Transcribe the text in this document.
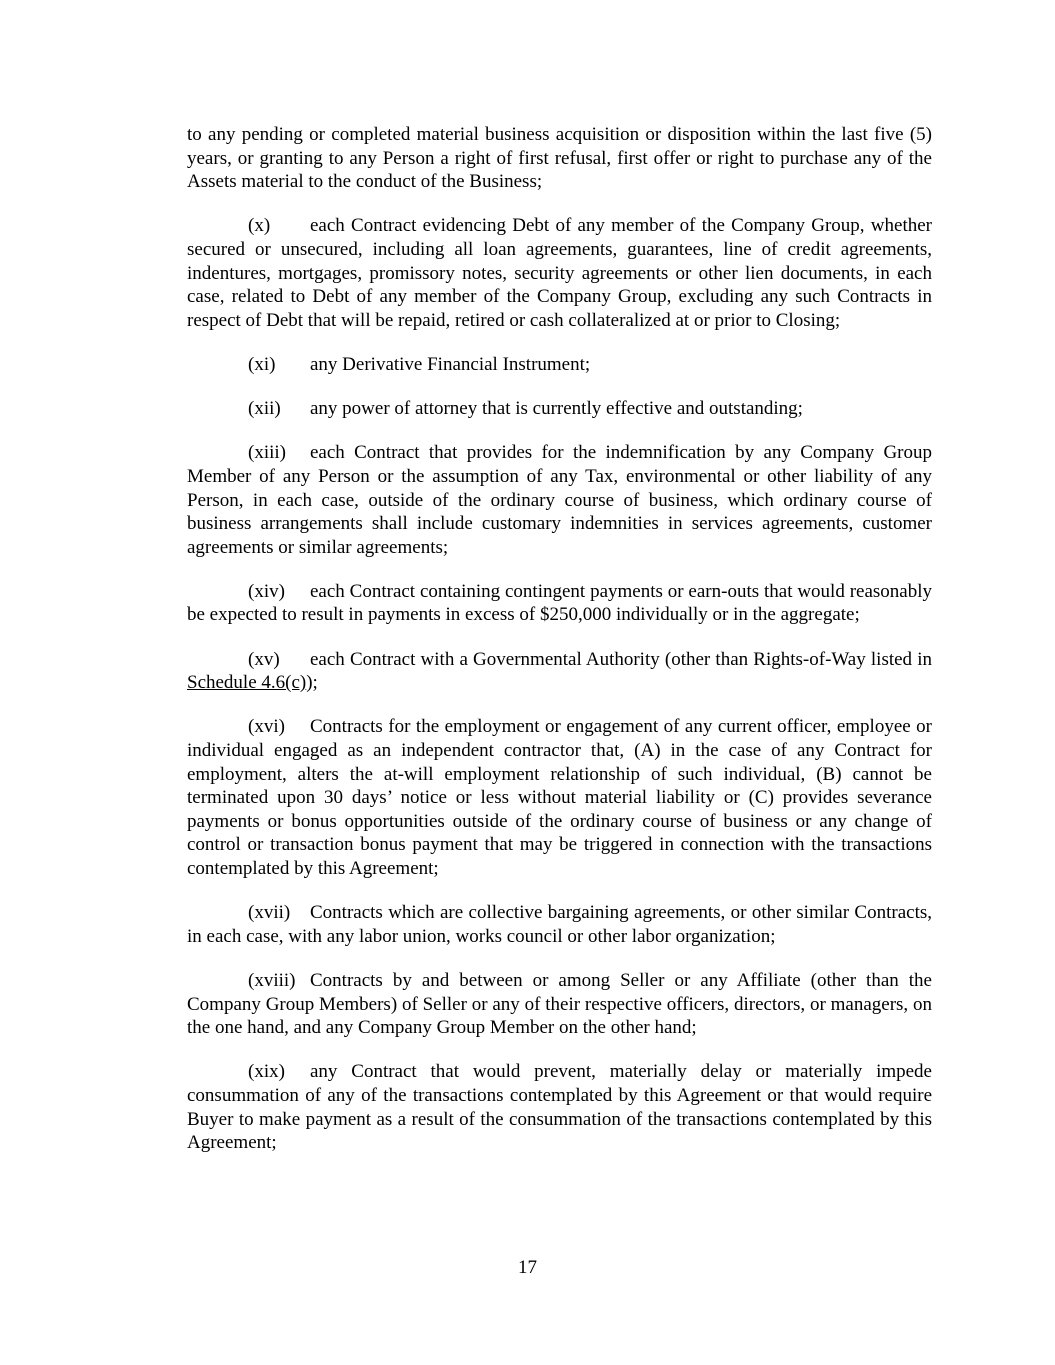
to any pending or completed material business acquisition or disposition within the last five (5) years, or granting to any Person a right of first refusal, first offer or right to purchase any of the Assets material to the conduct of the Business;

(x) each Contract evidencing Debt of any member of the Company Group, whether secured or unsecured, including all loan agreements, guarantees, line of credit agreements, indentures, mortgages, promissory notes, security agreements or other lien documents, in each case, related to Debt of any member of the Company Group, excluding any such Contracts in respect of Debt that will be repaid, retired or cash collateralized at or prior to Closing;

(xi) any Derivative Financial Instrument;

(xii) any power of attorney that is currently effective and outstanding;

(xiii) each Contract that provides for the indemnification by any Company Group Member of any Person or the assumption of any Tax, environmental or other liability of any Person, in each case, outside of the ordinary course of business, which ordinary course of business arrangements shall include customary indemnities in services agreements, customer agreements or similar agreements;

(xiv) each Contract containing contingent payments or earn-outs that would reasonably be expected to result in payments in excess of $250,000 individually or in the aggregate;

(xv) each Contract with a Governmental Authority (other than Rights-of-Way listed in Schedule 4.6(c));

(xvi) Contracts for the employment or engagement of any current officer, employee or individual engaged as an independent contractor that, (A) in the case of any Contract for employment, alters the at-will employment relationship of such individual, (B) cannot be terminated upon 30 days’ notice or less without material liability or (C) provides severance payments or bonus opportunities outside of the ordinary course of business or any change of control or transaction bonus payment that may be triggered in connection with the transactions contemplated by this Agreement;

(xvii) Contracts which are collective bargaining agreements, or other similar Contracts, in each case, with any labor union, works council or other labor organization;

(xviii) Contracts by and between or among Seller or any Affiliate (other than the Company Group Members) of Seller or any of their respective officers, directors, or managers, on the one hand, and any Company Group Member on the other hand;

(xix) any Contract that would prevent, materially delay or materially impede consummation of any of the transactions contemplated by this Agreement or that would require Buyer to make payment as a result of the consummation of the transactions contemplated by this Agreement;

17
